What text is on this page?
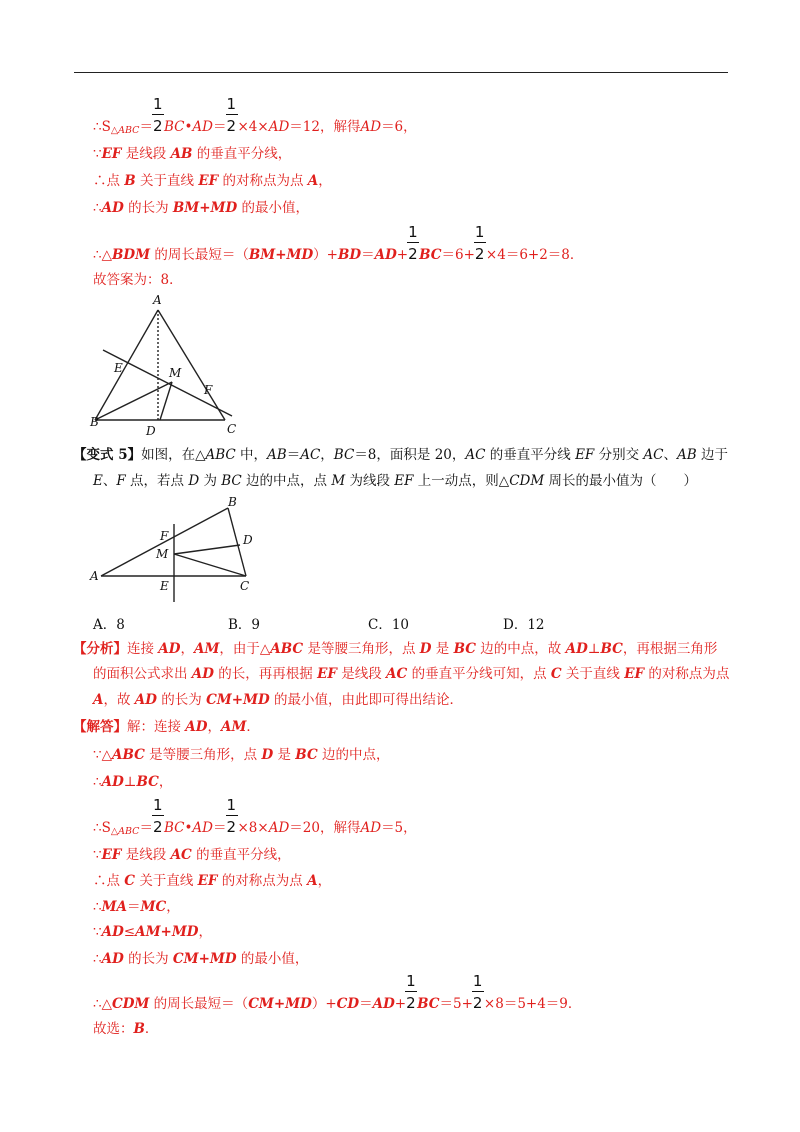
$\therefore S_{\triangle ABC}=$ $\frac{1}{2}BC•AD= \frac{1}{2}\times 4\times AD=12$，解得AD＝6，
∵EF 是线段 AB 的垂直平分线，
∴点 B 关于直线 EF 的对称点为点 A，
∴AD 的长为 BM+MD 的最小值，
∴△BDM 的周长最短$=(BM+MD)+BD=AD+ \frac{1}{2}BC=6+ \frac{1}{2}\times 4=6+2=8$．
故答案为：8．
A
E	M
F
B
D	C
【变式 5】如图，在△ABC 中，AB＝AC，BC＝8，面积是 20，AC 的垂直平分线 EF 分别交 AC、AB 边于
E、F 点，若点 D 为 BC 边的中点，点 M 为线段 EF 上一动点，则△CDM 周长的最小值为（　　）
B
F	D
M
A
E	C
A．8	B．9	C．10	D．12
【分析】连接 AD，AM，由于△ABC 是等腰三角形，点 D 是 BC 边的中点，故 AD⊥BC，再根据三角形
的面积公式求出 AD 的长，再再根据 EF 是线段 AC 的垂直平分线可知，点 C 关于直线 EF 的对称点为点
A，故 AD 的长为 CM+MD 的最小值，由此即可得出结论．
【解答】解：连接 AD，AM．
∵△ABC 是等腰三角形，点 D 是 BC 边的中点，
∴AD⊥BC，
$\therefore S_{\triangle ABC}=$ $\frac{1}{2}BC•AD= \frac{1}{2}\times 8\times AD=20$，解得AD＝5，
∵EF 是线段 AC 的垂直平分线，
∴点 C 关于直线 EF 的对称点为点 A，
∴MA＝MC，
∵AD≤AM+MD，
∴AD 的长为 CM+MD 的最小值，
∴△CDM 的周长最短$=(CM+MD)+CD=AD+ \frac{1}{2}BC=5+ \frac{1}{2}\times 8=5+4=9$．
故选：B．
